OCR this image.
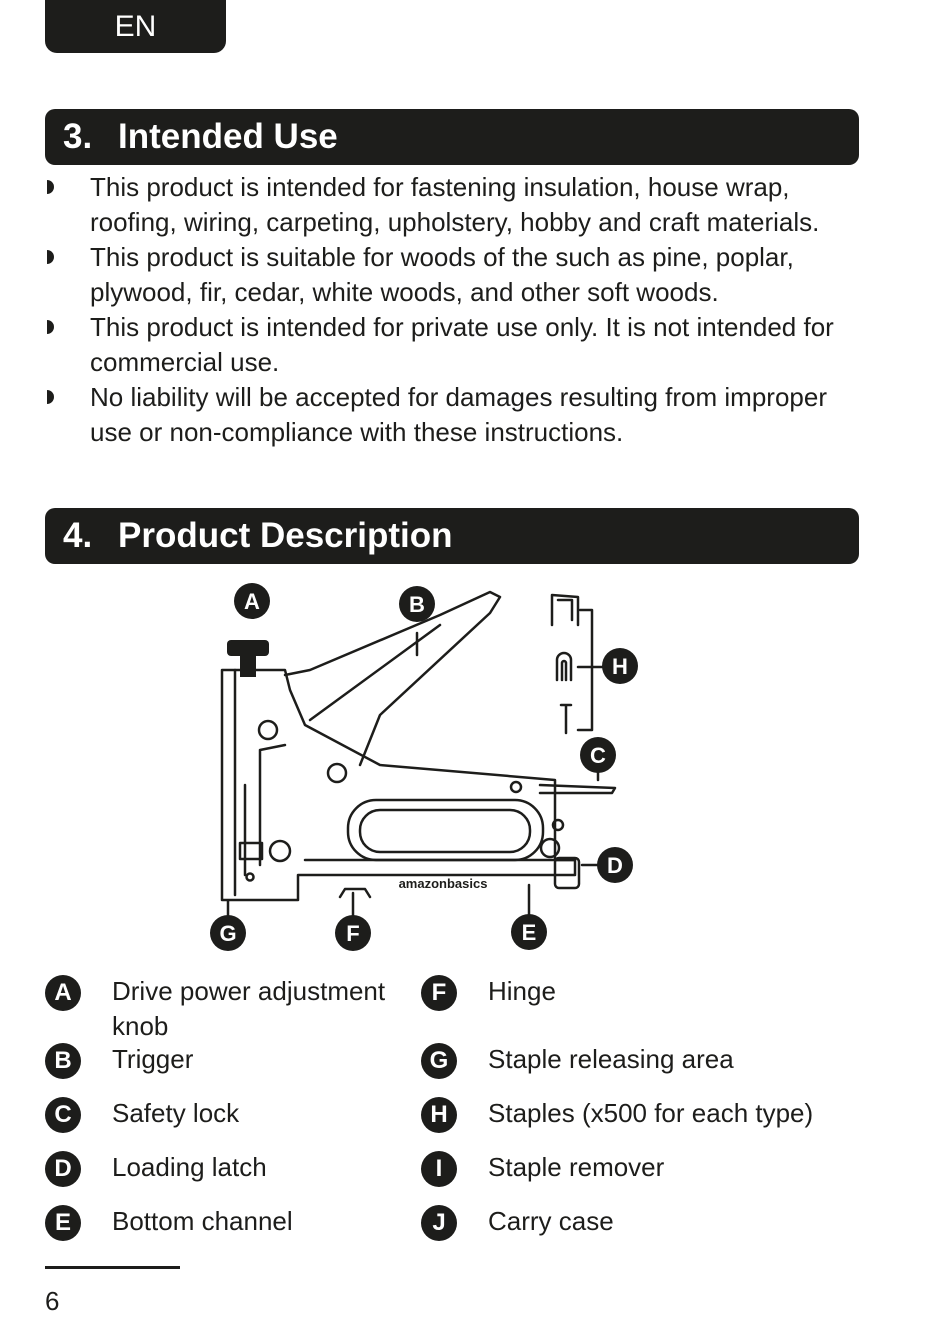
EN
3. Intended Use
This product is intended for fastening insulation, house wrap, roofing, wiring, carpeting, upholstery, hobby and craft materials.
This product is suitable for woods of the such as pine, poplar, plywood, fir, cedar, white woods, and other soft woods.
This product is intended for private use only. It is not intended for commercial use.
No liability will be accepted for damages resulting from improper use or non-compliance with these instructions.
4. Product Description
amazonbasics
A	B
C
D
E
F
G
H
A	Drive power adjustment knob
B	Trigger
C	Safety lock
D	Loading latch
E	Bottom channel
F	Hinge
G	Staple releasing area
H	Staples (x500 for each type)
I	Staple remover
J	Carry case
6
